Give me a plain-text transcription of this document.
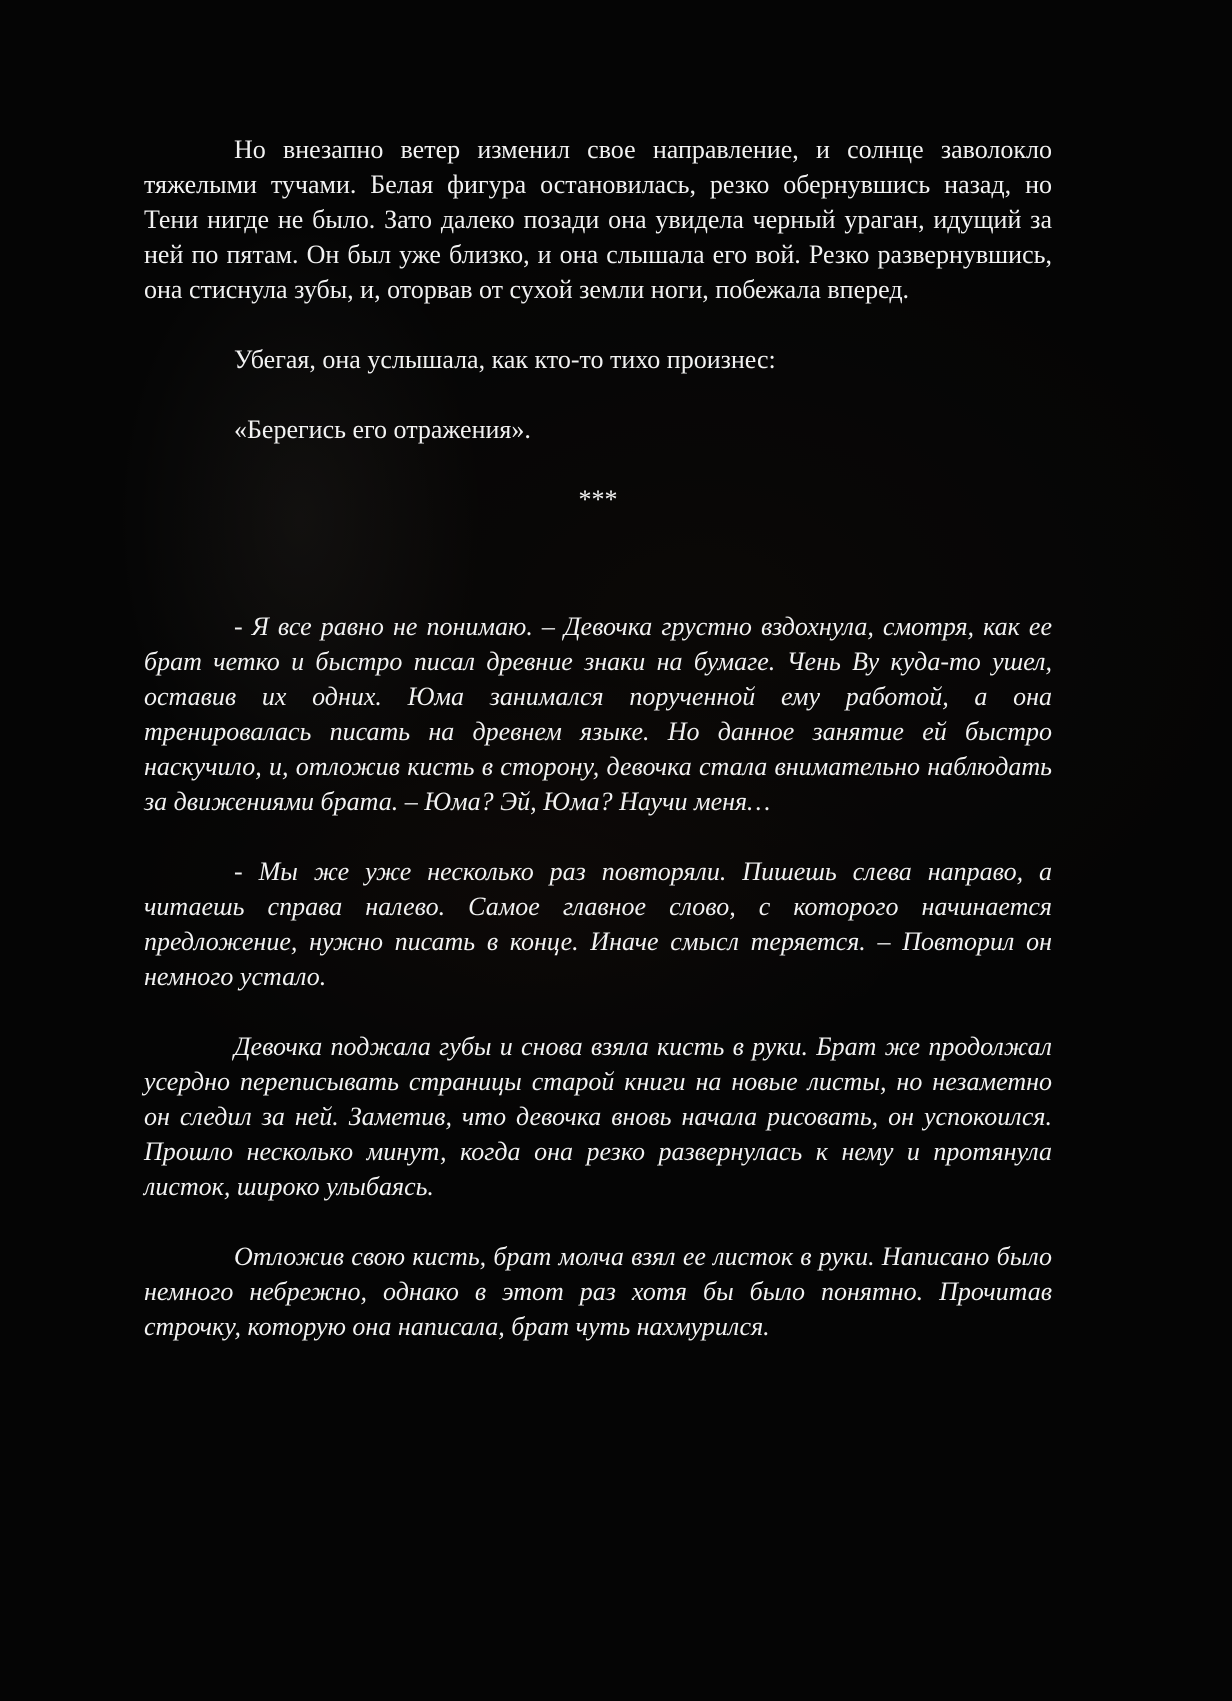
Но внезапно ветер изменил свое направление, и солнце заволокло тяжелыми тучами. Белая фигура остановилась, резко обернувшись назад, но Тени нигде не было. Зато далеко позади она увидела черный ураган, идущий за ней по пятам. Он был уже близко, и она слышала его вой. Резко развернувшись, она стиснула зубы, и, оторвав от сухой земли ноги, побежала вперед.

Убегая, она услышала, как кто-то тихо произнес:

«Берегись его отражения».

***

- Я все равно не понимаю. – Девочка грустно вздохнула, смотря, как ее брат четко и быстро писал древние знаки на бумаге. Чень Ву куда-то ушел, оставив их одних. Юма занимался порученной ему работой, а она тренировалась писать на древнем языке. Но данное занятие ей быстро наскучило, и, отложив кисть в сторону, девочка стала внимательно наблюдать за движениями брата. – Юма? Эй, Юма? Научи меня…

- Мы же уже несколько раз повторяли. Пишешь слева направо, а читаешь справа налево. Самое главное слово, с которого начинается предложение, нужно писать в конце. Иначе смысл теряется. – Повторил он немного устало.

Девочка поджала губы и снова взяла кисть в руки. Брат же продолжал усердно переписывать страницы старой книги на новые листы, но незаметно он следил за ней. Заметив, что девочка вновь начала рисовать, он успокоился. Прошло несколько минут, когда она резко развернулась к нему и протянула листок, широко улыбаясь.

Отложив свою кисть, брат молча взял ее листок в руки. Написано было немного небрежно, однако в этот раз хотя бы было понятно. Прочитав строчку, которую она написала, брат чуть нахмурился.
